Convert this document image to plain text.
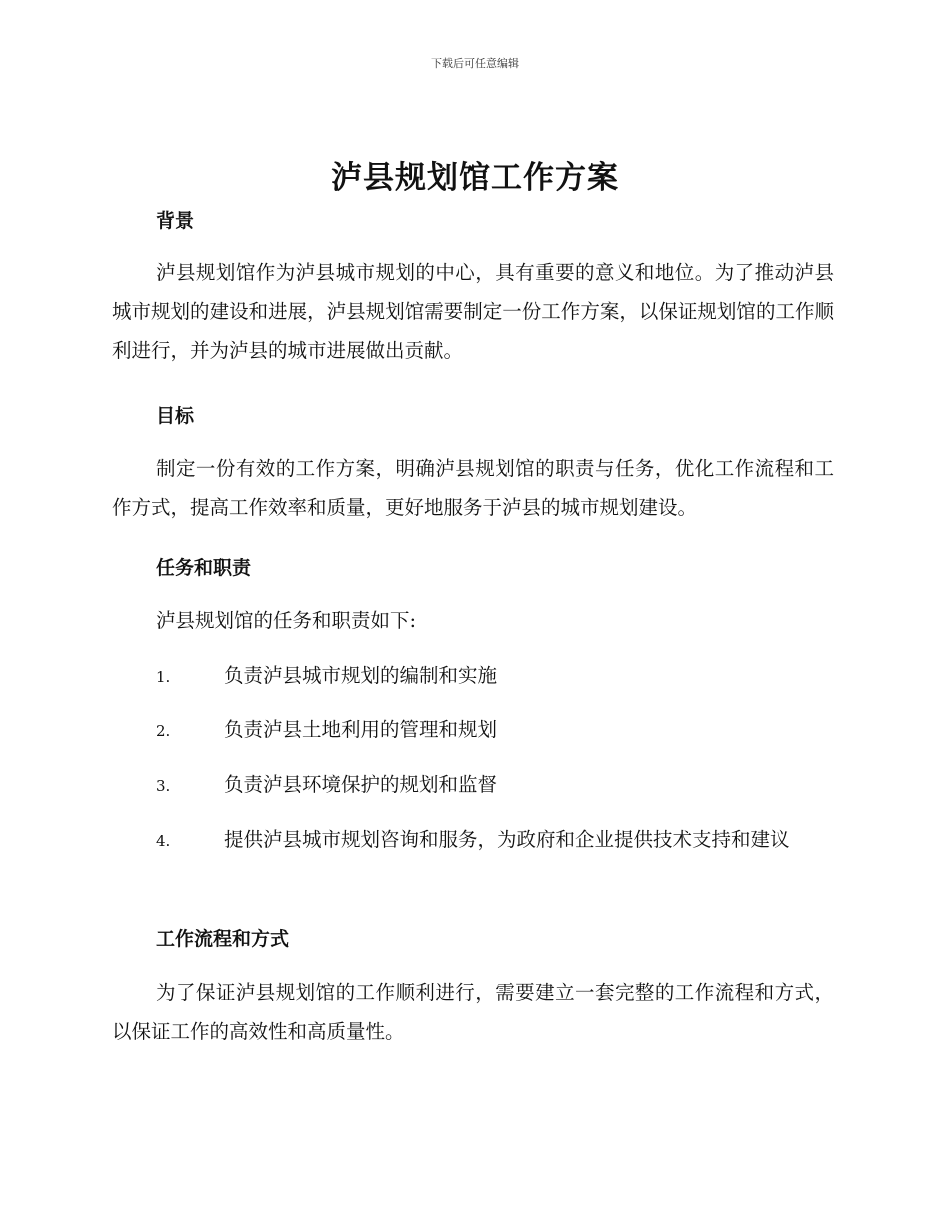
下载后可任意编辑
泸县规划馆工作方案
背景
泸县规划馆作为泸县城市规划的中心，具有重要的意义和地位。为了推动泸县城市规划的建设和进展，泸县规划馆需要制定一份工作方案，以保证规划馆的工作顺利进行，并为泸县的城市进展做出贡献。
目标
制定一份有效的工作方案，明确泸县规划馆的职责与任务，优化工作流程和工作方式，提高工作效率和质量，更好地服务于泸县的城市规划建设。
任务和职责
泸县规划馆的任务和职责如下:
1.	负责泸县城市规划的编制和实施
2.	负责泸县土地利用的管理和规划
3.	负责泸县环境保护的规划和监督
4.	提供泸县城市规划咨询和服务，为政府和企业提供技术支持和建议
工作流程和方式
为了保证泸县规划馆的工作顺利进行，需要建立一套完整的工作流程和方式，以保证工作的高效性和高质量性。
